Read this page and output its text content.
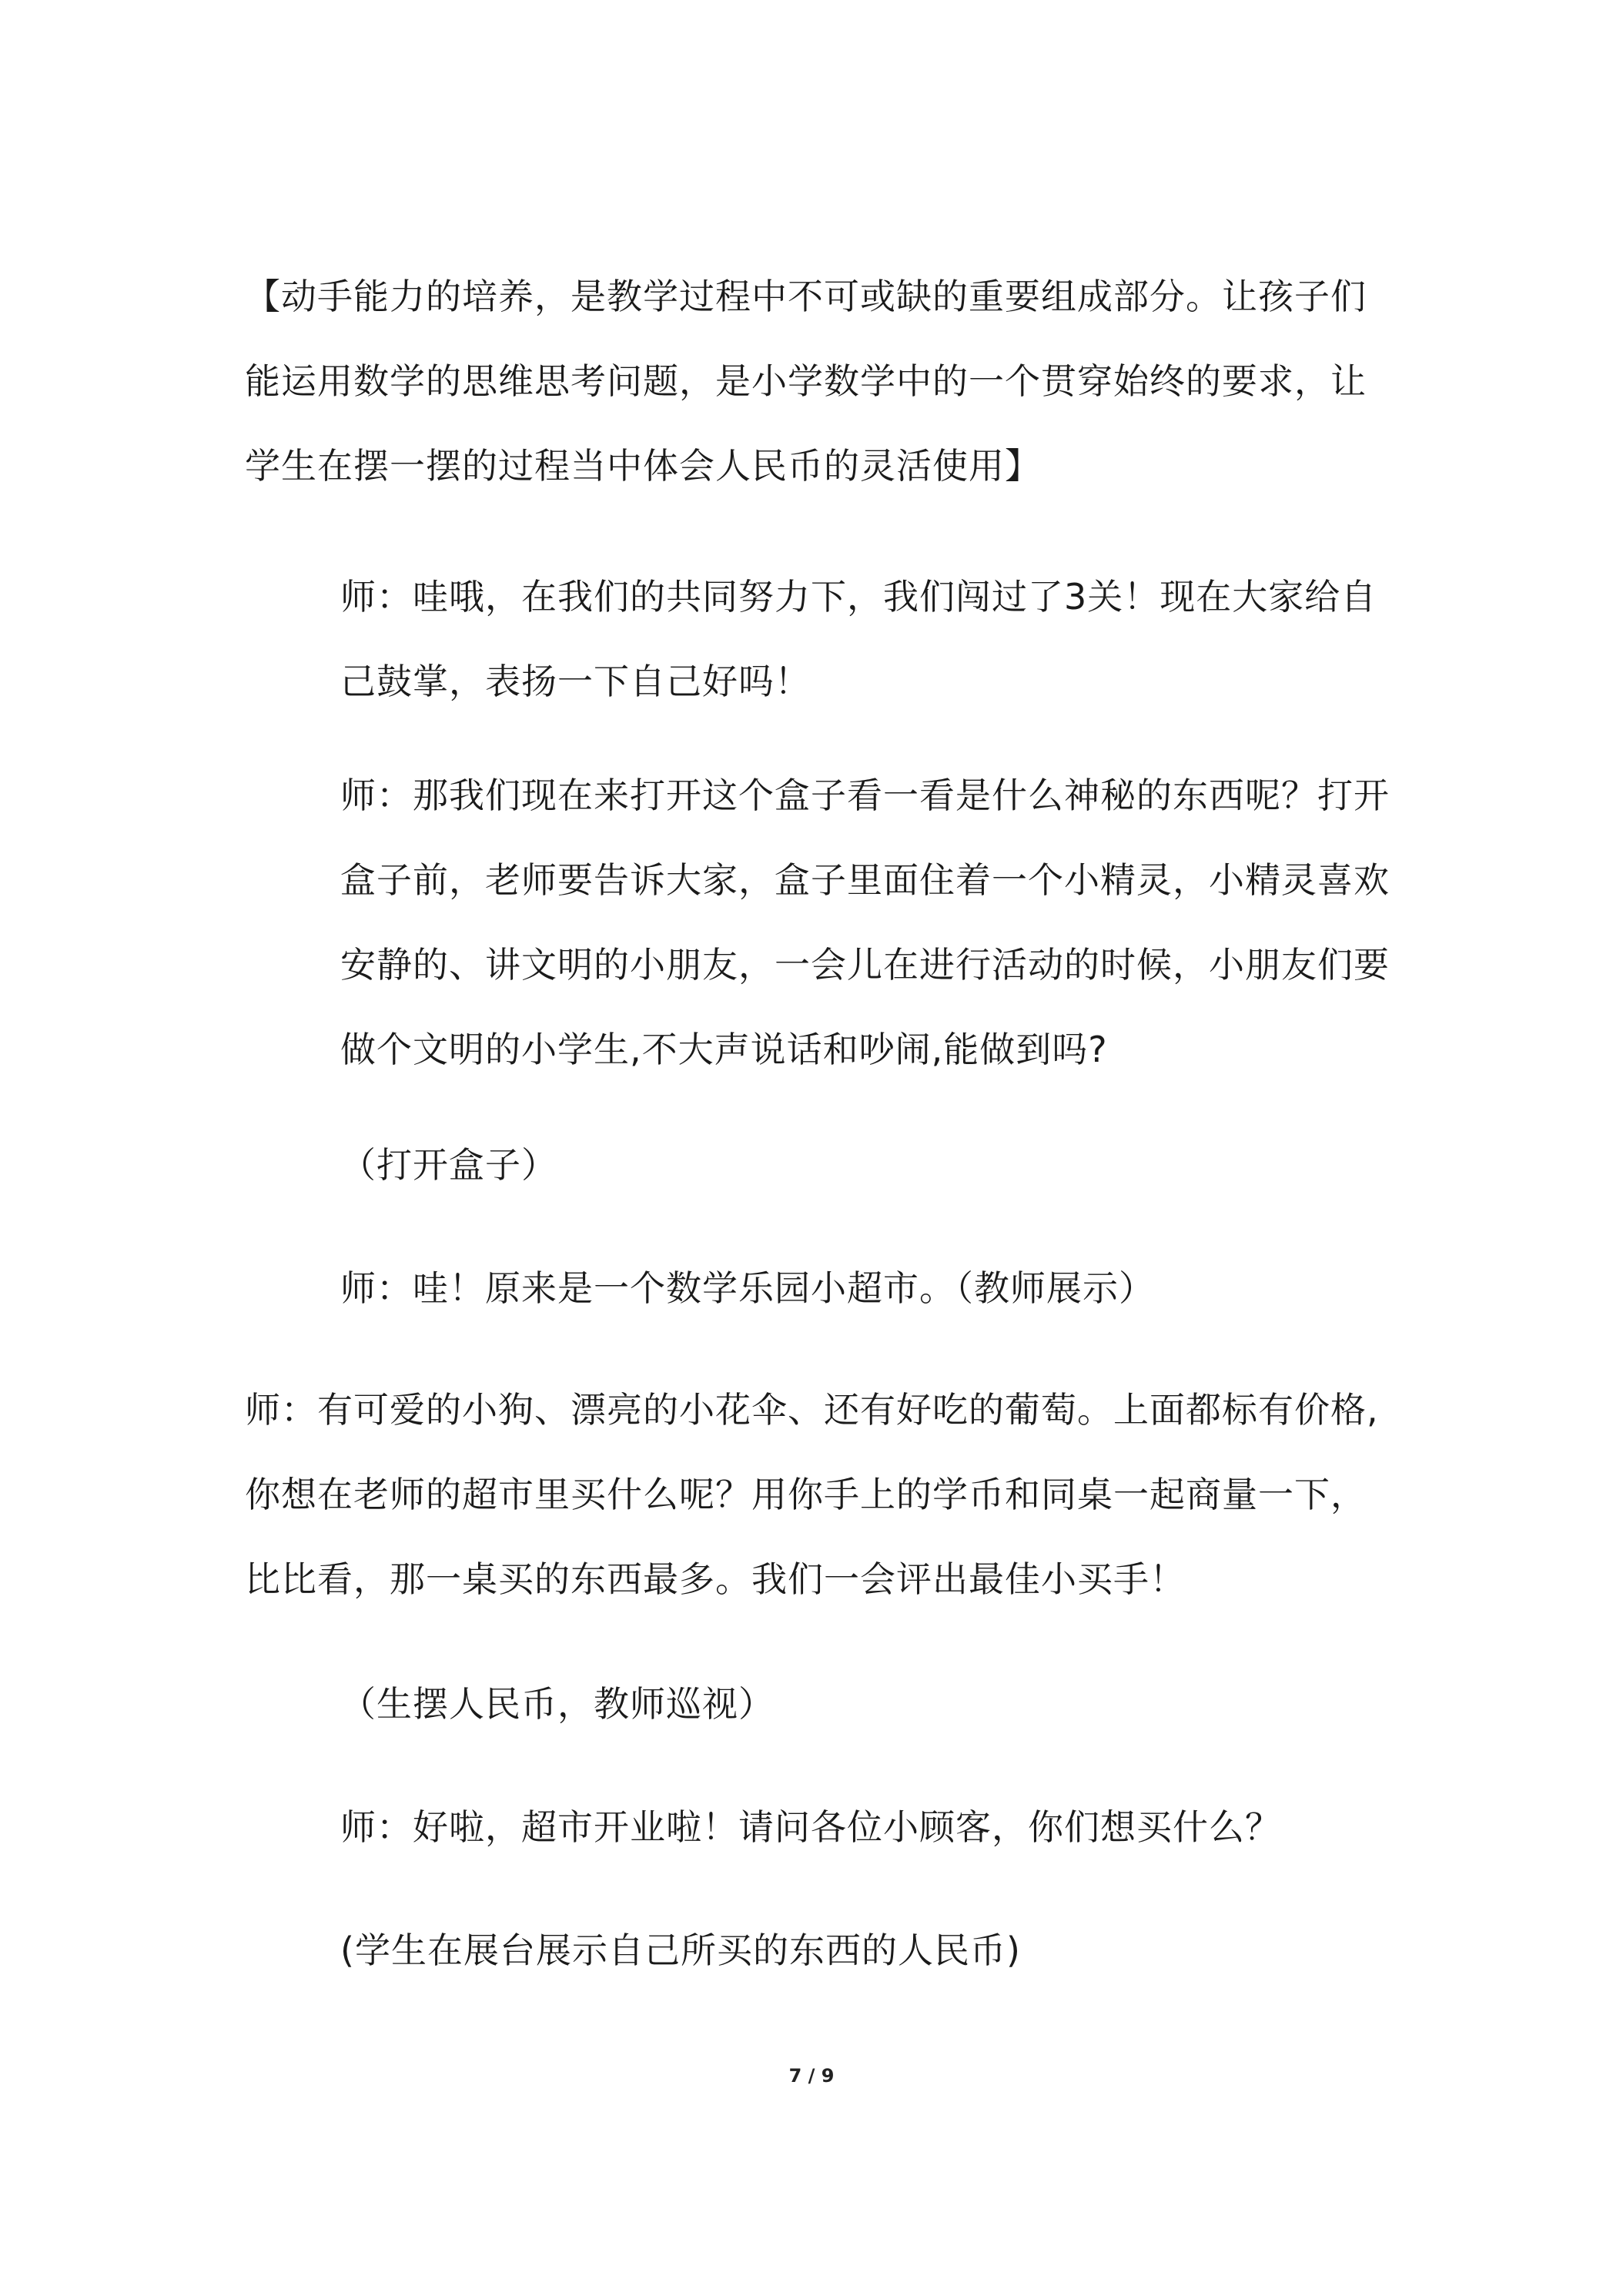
【动手能力的培养，是教学过程中不可或缺的重要组成部分。让孩子们能运用数学的思维思考问题，是小学数学中的一个贯穿始终的要求，让学生在摆一摆的过程当中体会人民币的灵活使用】

师：哇哦，在我们的共同努力下，我们闯过了3关！现在大家给自己鼓掌，表扬一下自己好吗！

师：那我们现在来打开这个盒子看一看是什么神秘的东西呢？打开盒子前，老师要告诉大家，盒子里面住着一个小精灵，小精灵喜欢安静的、讲文明的小朋友，一会儿在进行活动的时候，小朋友们要做个文明的小学生,不大声说话和吵闹,能做到吗?

（打开盒子）

师：哇！原来是一个数学乐园小超市。（教师展示）

师：有可爱的小狗、漂亮的小花伞、还有好吃的葡萄。上面都标有价格,你想在老师的超市里买什么呢？用你手上的学币和同桌一起商量一下，比比看，那一桌买的东西最多。我们一会评出最佳小买手！

（生摆人民币，教师巡视）

师：好啦，超市开业啦！请问各位小顾客，你们想买什么？

(学生在展台展示自己所买的东西的人民币)

7 / 9
